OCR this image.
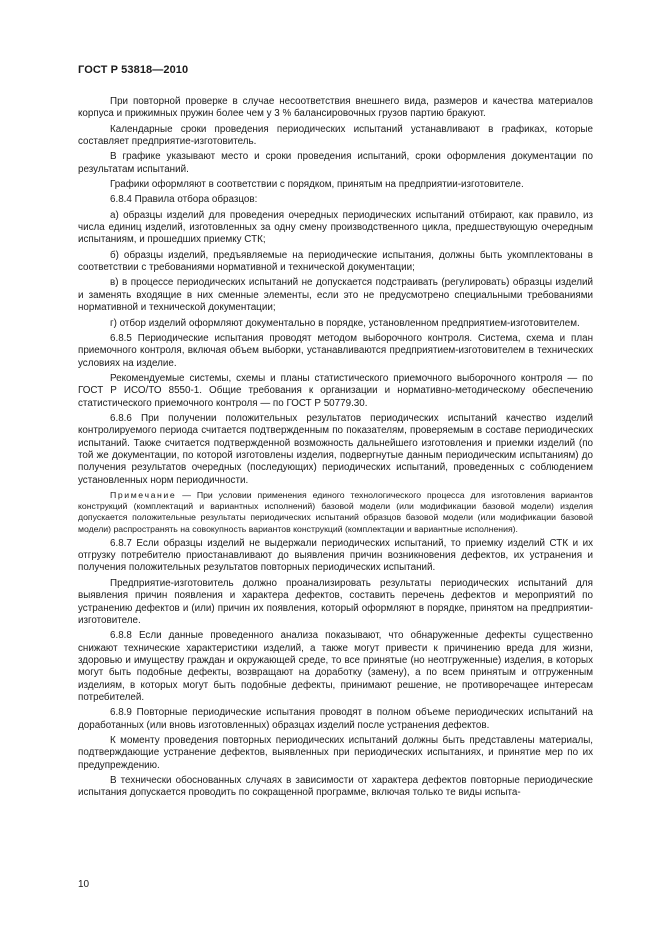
ГОСТ Р 53818—2010

При повторной проверке в случае несоответствия внешнего вида, размеров и качества материалов корпуса и прижимных пружин более чем у 3 % балансировочных грузов партию бракуют.

Календарные сроки проведения периодических испытаний устанавливают в графиках, которые составляет предприятие-изготовитель.

В графике указывают место и сроки проведения испытаний, сроки оформления документации по результатам испытаний.

Графики оформляют в соответствии с порядком, принятым на предприятии-изготовителе.

6.8.4 Правила отбора образцов:

а) образцы изделий для проведения очередных периодических испытаний отбирают, как правило, из числа единиц изделий, изготовленных за одну смену производственного цикла, предшествующую очередным испытаниям, и прошедших приемку СТК;

б) образцы изделий, предъявляемые на периодические испытания, должны быть укомплектованы в соответствии с требованиями нормативной и технической документации;

в) в процессе периодических испытаний не допускается подстраивать (регулировать) образцы изделий и заменять входящие в них сменные элементы, если это не предусмотрено специальными требованиями нормативной и технической документации;

г) отбор изделий оформляют документально в порядке, установленном предприятием-изготовителем.

6.8.5 Периодические испытания проводят методом выборочного контроля. Система, схема и план приемочного контроля, включая объем выборки, устанавливаются предприятием-изготовителем в технических условиях на изделие.

Рекомендуемые системы, схемы и планы статистического приемочного выборочного контроля — по ГОСТ Р ИСО/ТО 8550-1. Общие требования к организации и нормативно-методическому обеспечению статистического приемочного контроля — по ГОСТ Р 50779.30.

6.8.6 При получении положительных результатов периодических испытаний качество изделий контролируемого периода считается подтвержденным по показателям, проверяемым в составе периодических испытаний. Также считается подтвержденной возможность дальнейшего изготовления и приемки изделий (по той же документации, по которой изготовлены изделия, подвергнутые данным периодическим испытаниям) до получения результатов очередных (последующих) периодических испытаний, проведенных с соблюдением установленных норм периодичности.

Примечание — При условии применения единого технологического процесса для изготовления вариантов конструкций (комплектаций и вариантных исполнений) базовой модели (или модификации базовой модели) изделия допускается положительные результаты периодических испытаний образцов базовой модели (или модификации базовой модели) распространять на совокупность вариантов конструкций (комплектации и вариантные исполнения).

6.8.7 Если образцы изделий не выдержали периодических испытаний, то приемку изделий СТК и их отгрузку потребителю приостанавливают до выявления причин возникновения дефектов, их устранения и получения положительных результатов повторных периодических испытаний.

Предприятие-изготовитель должно проанализировать результаты периодических испытаний для выявления причин появления и характера дефектов, составить перечень дефектов и мероприятий по устранению дефектов и (или) причин их появления, который оформляют в порядке, принятом на предприятии-изготовителе.

6.8.8 Если данные проведенного анализа показывают, что обнаруженные дефекты существенно снижают технические характеристики изделий, а также могут привести к причинению вреда для жизни, здоровью и имуществу граждан и окружающей среде, то все принятые (но неотгруженные) изделия, в которых могут быть подобные дефекты, возвращают на доработку (замену), а по всем принятым и отгруженным изделиям, в которых могут быть подобные дефекты, принимают решение, не противоречащее интересам потребителей.

6.8.9 Повторные периодические испытания проводят в полном объеме периодических испытаний на доработанных (или вновь изготовленных) образцах изделий после устранения дефектов.

К моменту проведения повторных периодических испытаний должны быть представлены материалы, подтверждающие устранение дефектов, выявленных при периодических испытаниях, и принятие мер по их предупреждению.

В технически обоснованных случаях в зависимости от характера дефектов повторные периодические испытания допускается проводить по сокращенной программе, включая только те виды испыта-

10
